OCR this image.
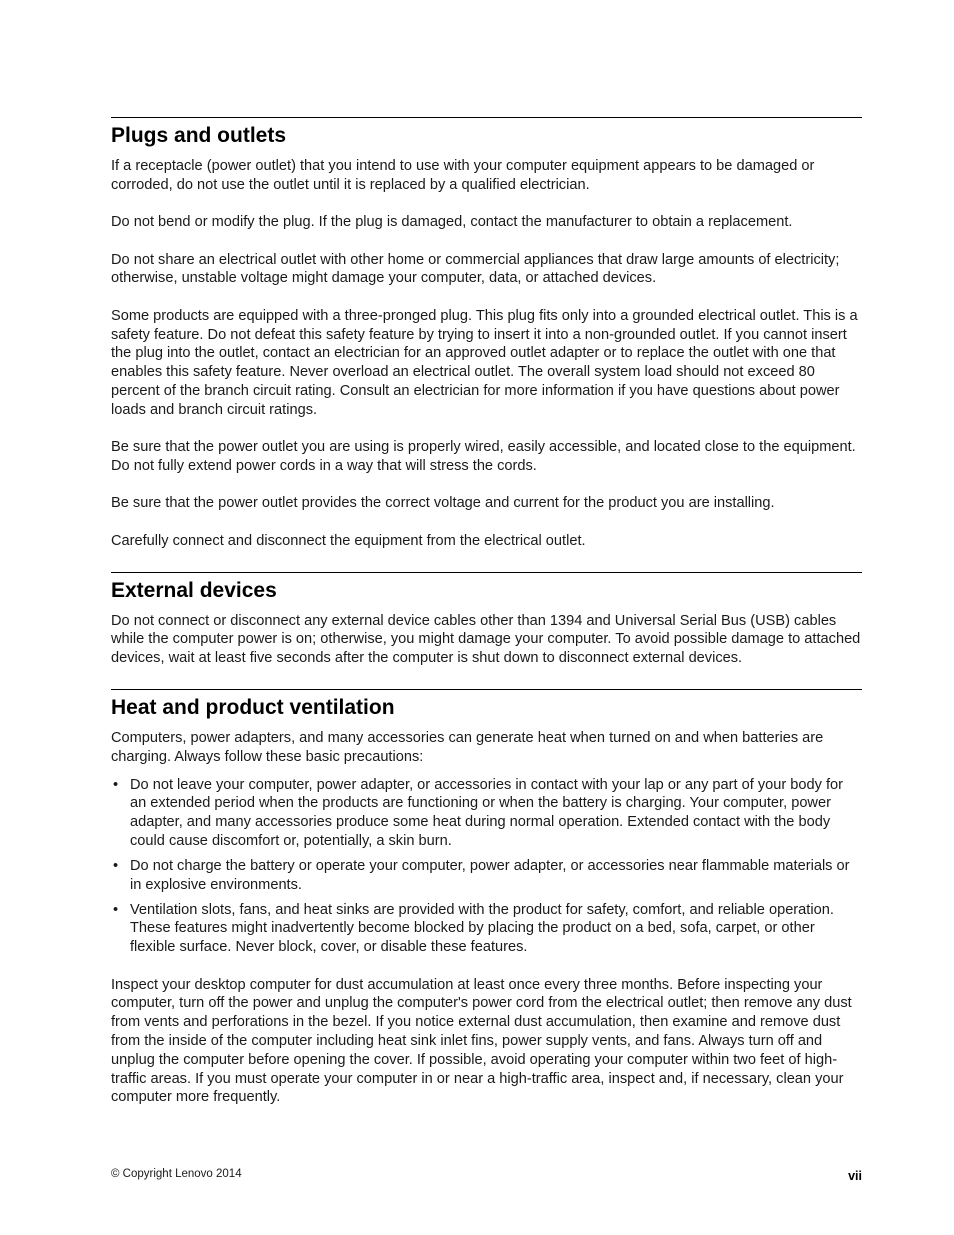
Plugs and outlets

If a receptacle (power outlet) that you intend to use with your computer equipment appears to be damaged or corroded, do not use the outlet until it is replaced by a qualified electrician.

Do not bend or modify the plug. If the plug is damaged, contact the manufacturer to obtain a replacement.

Do not share an electrical outlet with other home or commercial appliances that draw large amounts of electricity; otherwise, unstable voltage might damage your computer, data, or attached devices.

Some products are equipped with a three-pronged plug. This plug fits only into a grounded electrical outlet. This is a safety feature. Do not defeat this safety feature by trying to insert it into a non-grounded outlet. If you cannot insert the plug into the outlet, contact an electrician for an approved outlet adapter or to replace the outlet with one that enables this safety feature. Never overload an electrical outlet. The overall system load should not exceed 80 percent of the branch circuit rating. Consult an electrician for more information if you have questions about power loads and branch circuit ratings.

Be sure that the power outlet you are using is properly wired, easily accessible, and located close to the equipment. Do not fully extend power cords in a way that will stress the cords.

Be sure that the power outlet provides the correct voltage and current for the product you are installing.

Carefully connect and disconnect the equipment from the electrical outlet.

External devices

Do not connect or disconnect any external device cables other than 1394 and Universal Serial Bus (USB) cables while the computer power is on; otherwise, you might damage your computer. To avoid possible damage to attached devices, wait at least five seconds after the computer is shut down to disconnect external devices.

Heat and product ventilation

Computers, power adapters, and many accessories can generate heat when turned on and when batteries are charging. Always follow these basic precautions:

• Do not leave your computer, power adapter, or accessories in contact with your lap or any part of your body for an extended period when the products are functioning or when the battery is charging. Your computer, power adapter, and many accessories produce some heat during normal operation. Extended contact with the body could cause discomfort or, potentially, a skin burn.
• Do not charge the battery or operate your computer, power adapter, or accessories near flammable materials or in explosive environments.
• Ventilation slots, fans, and heat sinks are provided with the product for safety, comfort, and reliable operation. These features might inadvertently become blocked by placing the product on a bed, sofa, carpet, or other flexible surface. Never block, cover, or disable these features.

Inspect your desktop computer for dust accumulation at least once every three months. Before inspecting your computer, turn off the power and unplug the computer's power cord from the electrical outlet; then remove any dust from vents and perforations in the bezel. If you notice external dust accumulation, then examine and remove dust from the inside of the computer including heat sink inlet fins, power supply vents, and fans. Always turn off and unplug the computer before opening the cover. If possible, avoid operating your computer within two feet of high-traffic areas. If you must operate your computer in or near a high-traffic area, inspect and, if necessary, clean your computer more frequently.

© Copyright Lenovo 2014	vii
